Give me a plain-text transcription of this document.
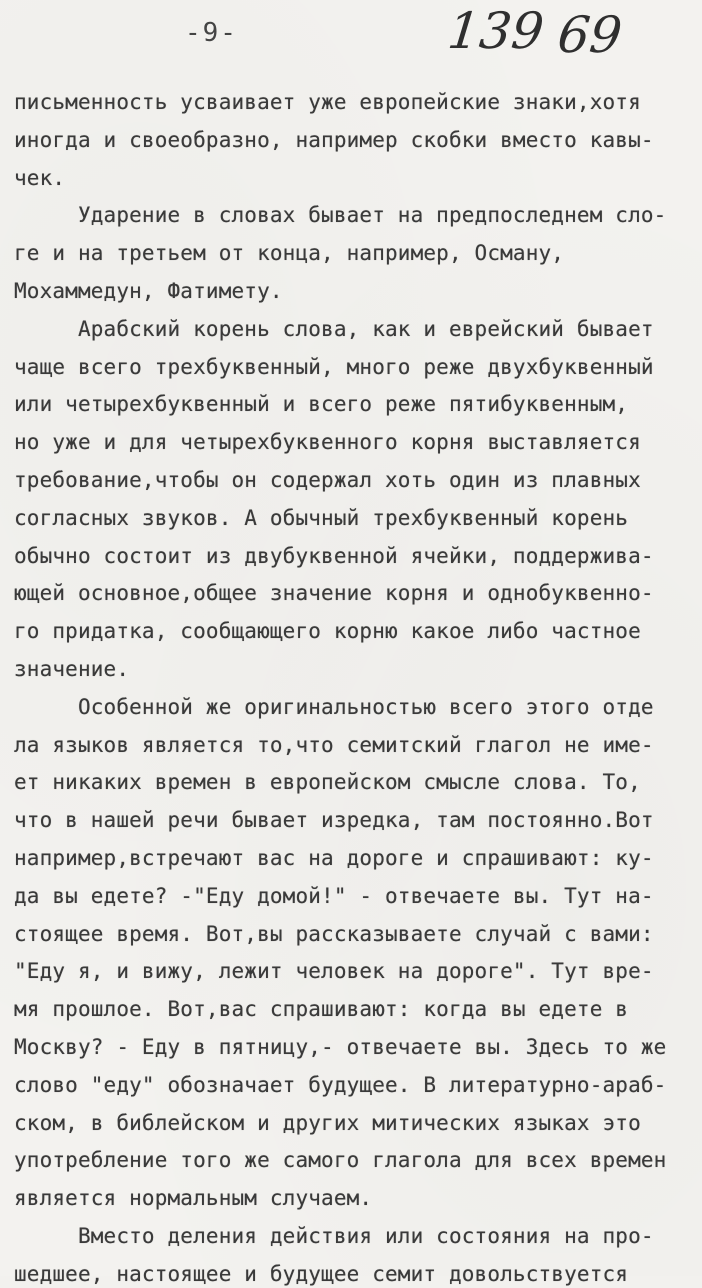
-9-	139 69
письменность усваивает уже европейские знаки,хотя
иногда и своеобразно, например скобки вместо кавы-
чек.
Ударение в словах бывает на предпоследнем сло-
ге и на третьем от конца, например, Осману,
Мохаммедун, Фатимету.
Арабский корень слова, как и еврейский бывает
чаще всего трехбуквенный, много реже двухбуквенный
или четырехбуквенный и всего реже пятибуквенным,
но уже и для четырехбуквенного корня выставляется
требование,чтобы он содержал хоть один из плавных
согласных звуков. А обычный трехбуквенный корень
обычно состоит из двубуквенной ячейки, поддержива-
ющей основное,общее значение корня и однобуквенно-
го придатка, сообщающего корню какое либо частное
значение.
Особенной же оригинальностью всего этого отде
ла языков является то,что семитский глагол не име-
ет никаких времен в европейском смысле слова. То,
что в нашей речи бывает изредка, там постоянно.Вот
например,встречают вас на дороге и спрашивают: ку-
да вы едете? -"Еду домой!" - отвечаете вы. Тут на-
стоящее время. Вот,вы рассказываете случай с вами:
"Еду я, и вижу, лежит человек на дороге". Тут вре-
мя прошлое. Вот,вас спрашивают: когда вы едете в
Москву? - Еду в пятницу,- отвечаете вы. Здесь то же
слово "еду" обозначает будущее. В литературно-араб-
ском, в библейском и других митических языках это
употребление того же самого глагола для всех времен
является нормальным случаем.
Вместо деления действия или состояния на про-
шедшее, настоящее и будущее семит довольствуется
